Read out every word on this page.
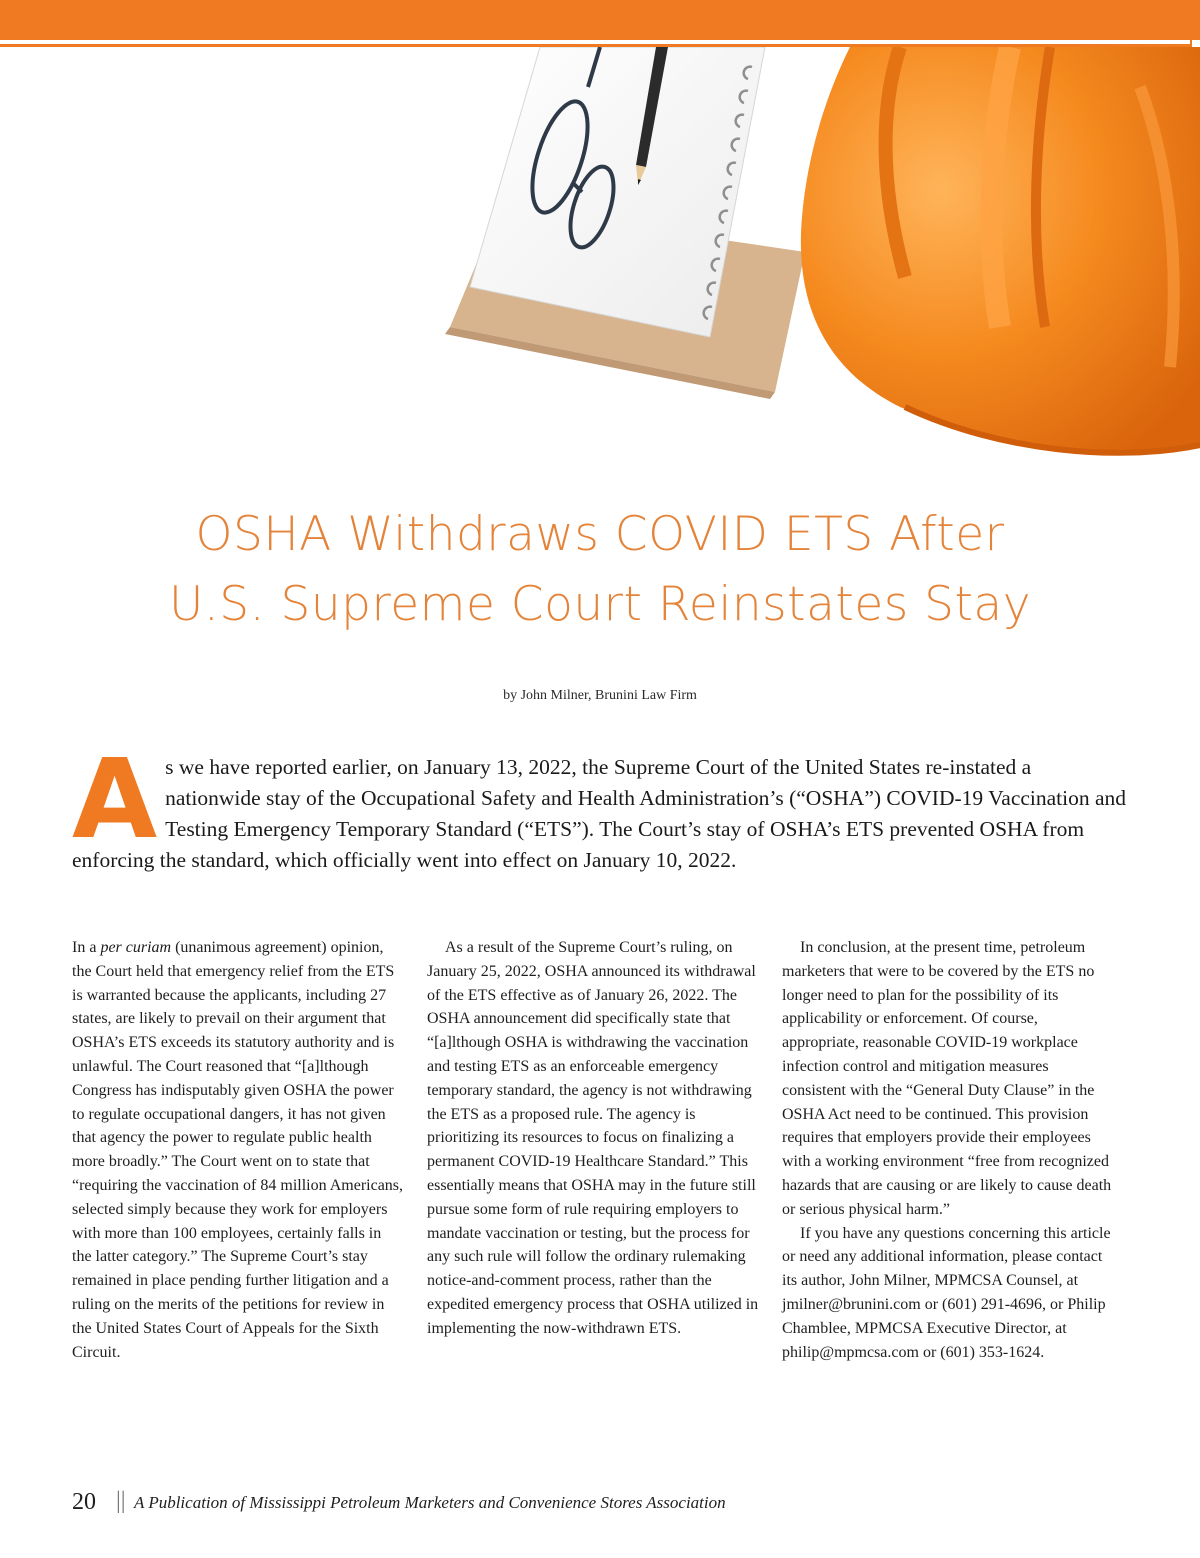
OSHA Withdraws COVID ETS After
U.S. Supreme Court Reinstates Stay
by John Milner, Brunini Law Firm
As we have reported earlier, on January 13, 2022, the Supreme Court of the United States re-instated a nationwide stay of the Occupational Safety and Health Administration’s (“OSHA”) COVID-19 Vaccination and Testing Emergency Temporary Standard (“ETS”). The Court’s stay of OSHA’s ETS prevented OSHA from enforcing the standard, which officially went into effect on January 10, 2022.

In a per curiam (unanimous agreement) opinion, the Court held that emergency relief from the ETS is warranted because the applicants, including 27 states, are likely to prevail on their argument that OSHA’s ETS exceeds its statutory authority and is unlawful. The Court reasoned that “[a]lthough Congress has indisputably given OSHA the power to regulate occupational dangers, it has not given that agency the power to regulate public health more broadly.” The Court went on to state that “requiring the vaccination of 84 million Americans, selected simply because they work for employers with more than 100 employees, certainly falls in the latter category.” The Supreme Court’s stay remained in place pending further litigation and a ruling on the merits of the petitions for review in the United States Court of Appeals for the Sixth Circuit.

As a result of the Supreme Court’s ruling, on January 25, 2022, OSHA announced its withdrawal of the ETS effective as of January 26, 2022. The OSHA announcement did specifically state that “[a]lthough OSHA is withdrawing the vaccination and testing ETS as an enforceable emergency temporary standard, the agency is not withdrawing the ETS as a proposed rule. The agency is prioritizing its resources to focus on finalizing a permanent COVID-19 Healthcare Standard.” This essentially means that OSHA may in the future still pursue some form of rule requiring employers to mandate vaccination or testing, but the process for any such rule will follow the ordinary rulemaking notice-and-comment process, rather than the expedited emergency process that OSHA utilized in implementing the now-withdrawn ETS.

In conclusion, at the present time, petroleum marketers that were to be covered by the ETS no longer need to plan for the possibility of its applicability or enforcement. Of course, appropriate, reasonable COVID-19 workplace infection control and mitigation measures consistent with the “General Duty Clause” in the OSHA Act need to be continued. This provision requires that employers provide their employees with a working environment “free from recognized hazards that are causing or are likely to cause death or serious physical harm.”

If you have any questions concerning this article or need any additional information, please contact its author, John Milner, MPMCSA Counsel, at jmilner@brunini.com or (601) 291-4696, or Philip Chamblee, MPMCSA Executive Director, at philip@mpmcsa.com or (601) 353-1624.

20 || A Publication of Mississippi Petroleum Marketers and Convenience Stores Association
